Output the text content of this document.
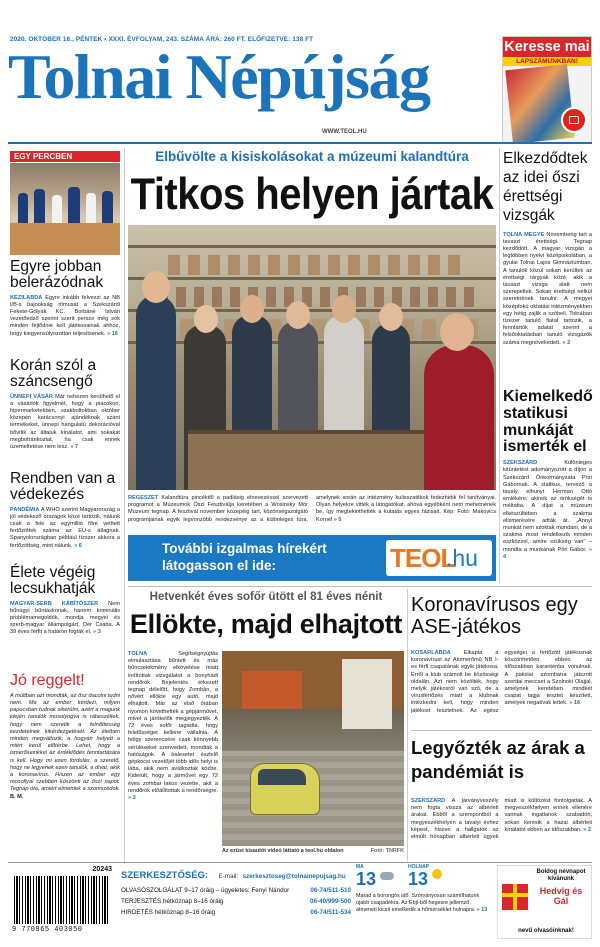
2020. OKTÓBER 16., PÉNTEK • XXXI. ÉVFOLYAM, 243. SZÁMA ÁRA: 260 FT. ELŐFIZETVE: 138 FT
Tolnai Népújság
WWW.TEOL.HU
Keresse mai
LAPSZÁMUNKBAN!
EGY PERCBEN
Egyre jobban belerázódnak
KÉZILABDA Egyre inkább felveszi az NB I/B-s bajnokság ritmusát a Szekszárdi Fekete-Gólyák KC. Borbáné István vezetőedző szerint szerit persze még sok minden fejlődnie kell játékosainak ahhoz, hogy kiegyensúlyozottan teljesítsenek. » 16
Korán szól a száncsengő
ÜNNEPI VÁSÁR Már nehezen kerülhető el a vásárlók figyelmét, hogy a piacokon, hipermarketekben, szakboltokban október közepén karácsonyi ajándéknak szánt termékeket, ünnepi hangulatú dekorációval bővítik az általuk kínálatot, ami sokakat megbotránkoztat, ha csak ennek üzemeltetése nem lesz. » 7
Rendben van a védekezés
PANDÉMIA A WHO szerint Magyarország a jól védekező országok közé tartozik, nálunk csak a fele az egymillió főre vetített fertőzöttek száma az EU-s átlagnak. Spanyolországban például tízszer akkora a fertőzöttség, mint nálunk. » 6
Élete végéig lecsukhatják
MAGYAR-SERB KÁBÍTÓSZER Nem bűnügyi bűntáskoriak, hanem kriminális problémamegoldók, mondja megyei és szerb-magyar állampolgárt, Dér Csaba. A 39 éves férfit a határon fogták el. » 3
Jó reggelt!
A múltban azt mondták, az ősz dacolni tudni nem. Ma az ember kérdezi, milyen papucsban tudnak sikerülni, azért a magunk idején tanulók mosolyogva is rábeszéltek, hogy nem szeretik a felnőttesség kezdeteinek kikérdezgetését. Az életben minden megváltozik, a hogyan helyett a miért kerül előtérbe. Lehet, hogy a ismerőseinkkel az érdeklődés fenntartására is kell. Hogy mi ezen fordulás, a szerető, hogy ne legyenek ezen tanulók, a divat, akik a koronavírus. Hiszen az ember egy mosollyal szebben köszönti az őszi napot. Tegnap óta, amiért elmentek a szomszédok. B. M.
Elbűvölte a kisiskolásokat a múzeumi kalandtúra
Titkos helyen jártak
RÉGÉSZET Kalandtúra pincéktől a padlásig elnevezéssel szervezett programot a Múzeumok Őszi Fesztiválja keretében a Wosinsky Mór Múzeum tegnap. A fesztivál november közepéig tart, közönségszolgáló programjainak egyik legvonzóbb rendezvénye az a különleges túra, amelynek során az intézmény kulisszatitkok fedezhetik fel tanítványai. Olyan helyekre vitték a látogatókat, ahová egyébként nem mehetnének be, így megtekinthették a kutatás egyes fázisait. Kép: Fotó: Makovics Kornél » 5
További izgalmas hírekért
látogasson el ide:	TEOL
.hu
Elkezdődtek az idei őszi érettségi vizsgák
TOLNA MEGYE Novemberig tart a tavaszi érettségi. Tegnap kezdődött. A magyar vizsgán a legtöbben nyelvi középiskolában, a gyulai Tolnai Lajos Gimnáziumban. A tanulók közül sokan kerültek az érettségi tárgyak közé, akik a tavaszi vizsga alatt nem szerepeltek. Sokan érettségi nélkül szeretnének tanulni. A megyei középfokú oktatási intézményekben egy hétig zajlik a szóbeli. Tolnában tízezer tanuló fiatal tartozik, a fenntartók adatai szerint a felsőoktatásban tanuló vizsgázók száma megnövekedett. » 2
Kiemelkedő statikusi munkáját ismerték el
SZEKSZÁRD	Különleges kitüntetést adományozott a díjon a Szekszárd Önkormányzata Pöri Gábornak. A statikus, tervező a tavaly elhunyt Herman Ottó emlékére, akinek az örökségét is méltatta. A díjat a múzeum elkészültében a szakma elismerésére adták át. „Annyi munkát nem szoktak mondani, de a szakma most rendelkezik minden eszközzel, amire szükség van” – mondta a munkának Pöri Gábor. » 4
Hetvenkét éves sofőr ütött el 81 éves nénit
Ellökte, majd elhajtott
TOLNA	Segítségnyújtás elmulasztása bűntett és más bűncselekmény elkövetése miatt indítottak vizsgálatot a bonyhádi rendőrök. Bejelentés érkezett tegnap délelőtt, hogy Zombán, a nővért ellökte egy autó, majd elhajtott. Már az első órában nyomon követhették a gépjárművet, mivel a járókelők megjegyezték. A 72 éves sofőr tagadta, hogy felelősséget kellene vállalnia. A hölgy szerencsére csak könnyebb sérüléseket szenvedett, mondták a hatóságok. A balesetet észlelő gépkocsi vezetőjét több idős helyi is látta, akik nem avatkoztak közbe. Kiderült, hogy a járművel egy 72 éves zombai lakos vezette, akit a rendőrök előállítottak a rendőrségre. » 3
Az ezüst kisautót videó láttató a teol.hu oldalon	Fotó: TNRFK
Koronavírusos egy ASE-játékos
KOSÁRLABDA Elkapta a koronavírust az Atomerőmű NB I-es férfi csapatának egyik játékosa. Erről a klub számolt be közösségi oldalán. Azt nem közölték, hogy melyik játékosról van szó, de a vírusfertőzés miatt a klubnak intézkedni kell, hogy minden játékost tesztelnek. Az egész egységei a fertőzött játékosnak köszönhetően ebben az időszakban karanténba vonulnak. A pakslai szombatra játszott szerdai meccset a Szolnoki Olajjal, amelynek keretében mindkét csapat tagja tesztet készített, amelyek negatívak lettek. » 16
Legyőzték az árak a pandémiát is
SZEKSZÁRD A járványveszély nem fogta vissza az albérleti árakat. Ebből a szempontból a megyeszékhelyen a tavalyi évhez képest, hiszen a hallgatók az elmúlt hónapban albérleti ügyek miatt is költözést fontolgattak. A megyeszékhelyen ennek ellenére vannak ingatlanok szabadon, sokan keresik a hazai albérleti kínálatot ebben az időszakban. » 2
20243
9 770865 403050
SZERKESZTŐSÉG: E-mail: szerkesztoseg@tolnainepujsag.hu
OLVASÓSZOLGÁLAT 9–17 óráig – ügyeletes: Fenyi Nándor	06-74/511-510
TERJESZTÉS hétköznap 8–16 óráig	06-40/999-500
HIRDETÉS hétköznap 8–16 óráig	06-74/511-534
MA
13
HOLNAP
13
Marad a borongós idő. Szórványosan számíthatunk újabb csapadékra. Az Ebjl-ből hegesre jellemző, átmeneti kicsit emelkedik a hőmérséklet holnapra. » 13
Boldog névnapot kívánunk
Hedvig és Gál
nevű olvasóinknak!
